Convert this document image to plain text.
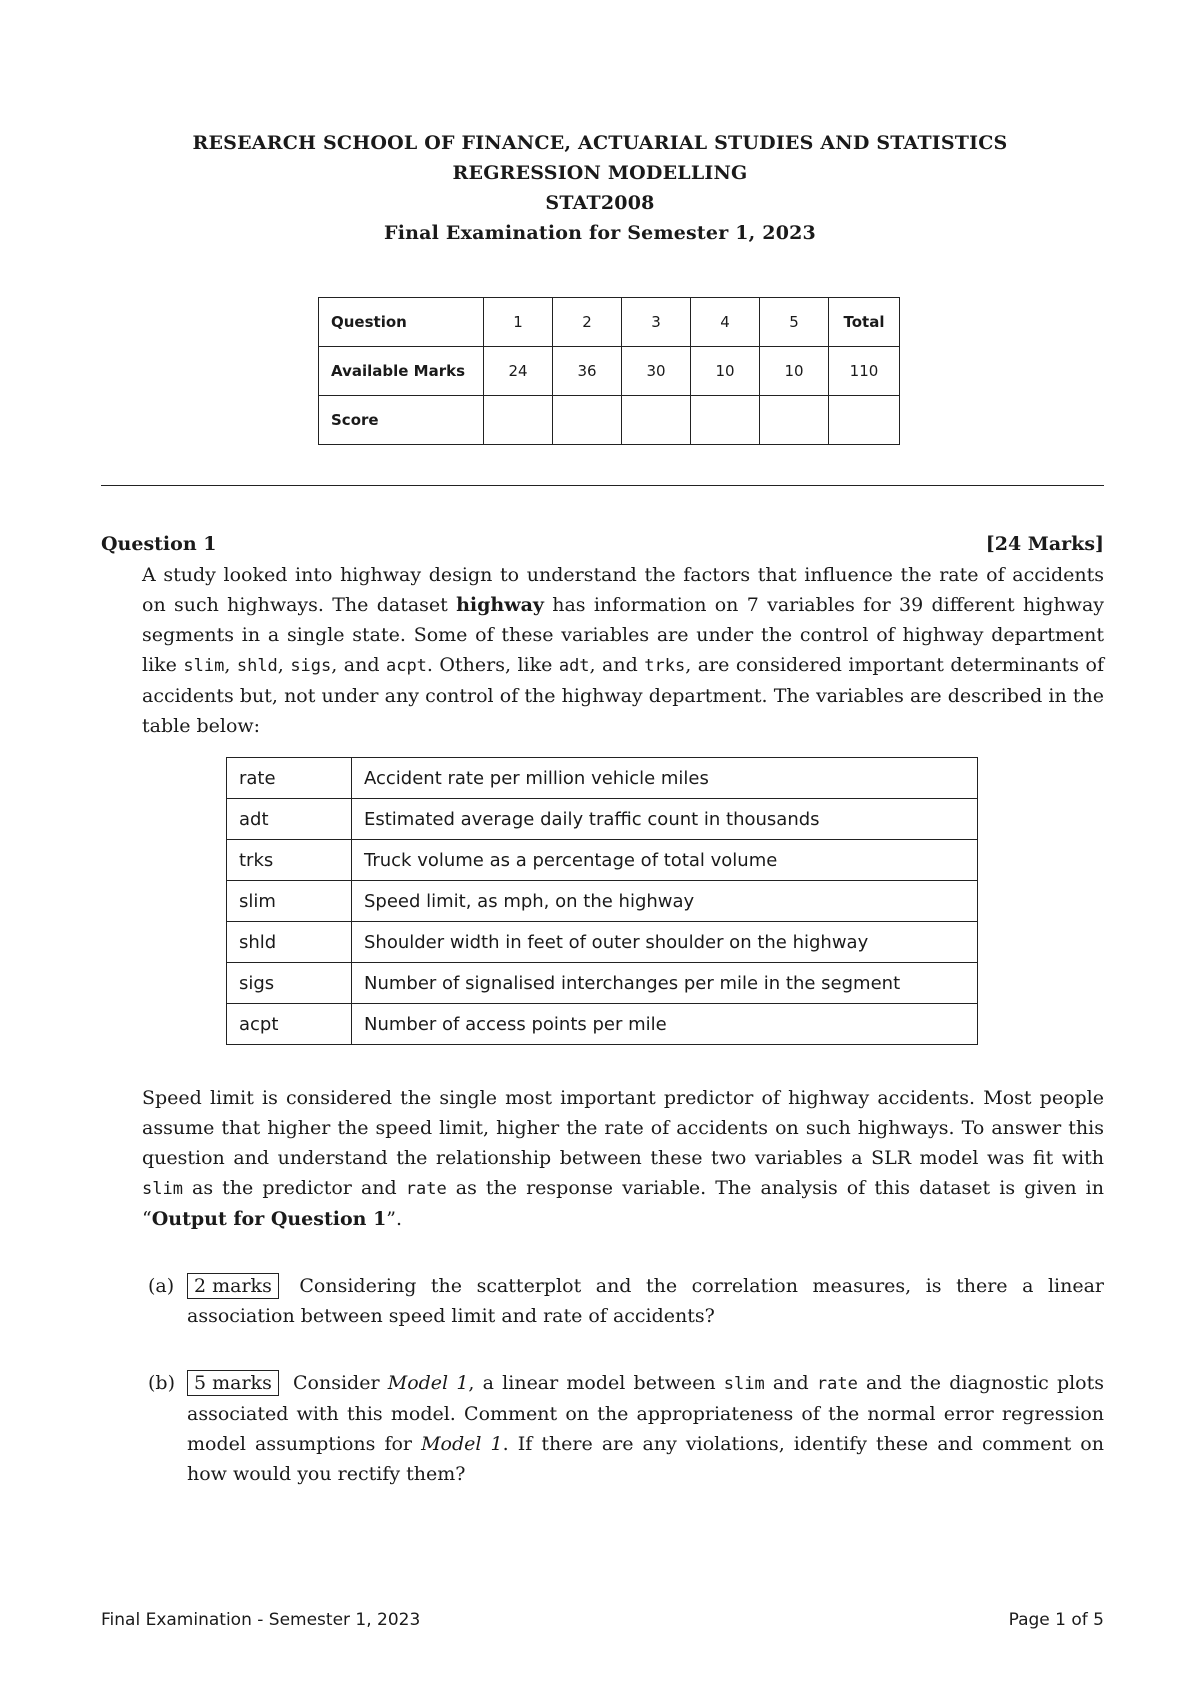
RESEARCH SCHOOL OF FINANCE, ACTUARIAL STUDIES AND STATISTICS
REGRESSION MODELLING
STAT2008
Final Examination for Semester 1, 2023
Question	1	2	3	4	5	Total
Available Marks	24	36	30	10	10	110
Score						
Question 1	[24 Marks]
A study looked into highway design to understand the factors that influence the rate of accidents on such highways. The dataset highway has information on 7 variables for 39 different highway segments in a single state. Some of these variables are under the control of highway department like slim, shld, sigs, and acpt. Others, like adt, and trks, are considered important determinants of accidents but, not under any control of the highway department. The variables are described in the table below:
rate	Accident rate per million vehicle miles
adt	Estimated average daily traffic count in thousands
trks	Truck volume as a percentage of total volume
slim	Speed limit, as mph, on the highway
shld	Shoulder width in feet of outer shoulder on the highway
sigs	Number of signalised interchanges per mile in the segment
acpt	Number of access points per mile
Speed limit is considered the single most important predictor of highway accidents. Most people assume that higher the speed limit, higher the rate of accidents on such highways. To answer this question and understand the relationship between these two variables a SLR model was fit with slim as the predictor and rate as the response variable. The analysis of this dataset is given in “Output for Question 1”.
(a)	2 marks Considering the scatterplot and the correlation measures, is there a linear association between speed limit and rate of accidents?
(b)	5 marks Consider Model 1, a linear model between slim and rate and the diagnostic plots associated with this model. Comment on the appropriateness of the normal error regression model assumptions for Model 1. If there are any violations, identify these and comment on how would you rectify them?
Final Examination - Semester 1, 2023	Page 1 of 5
